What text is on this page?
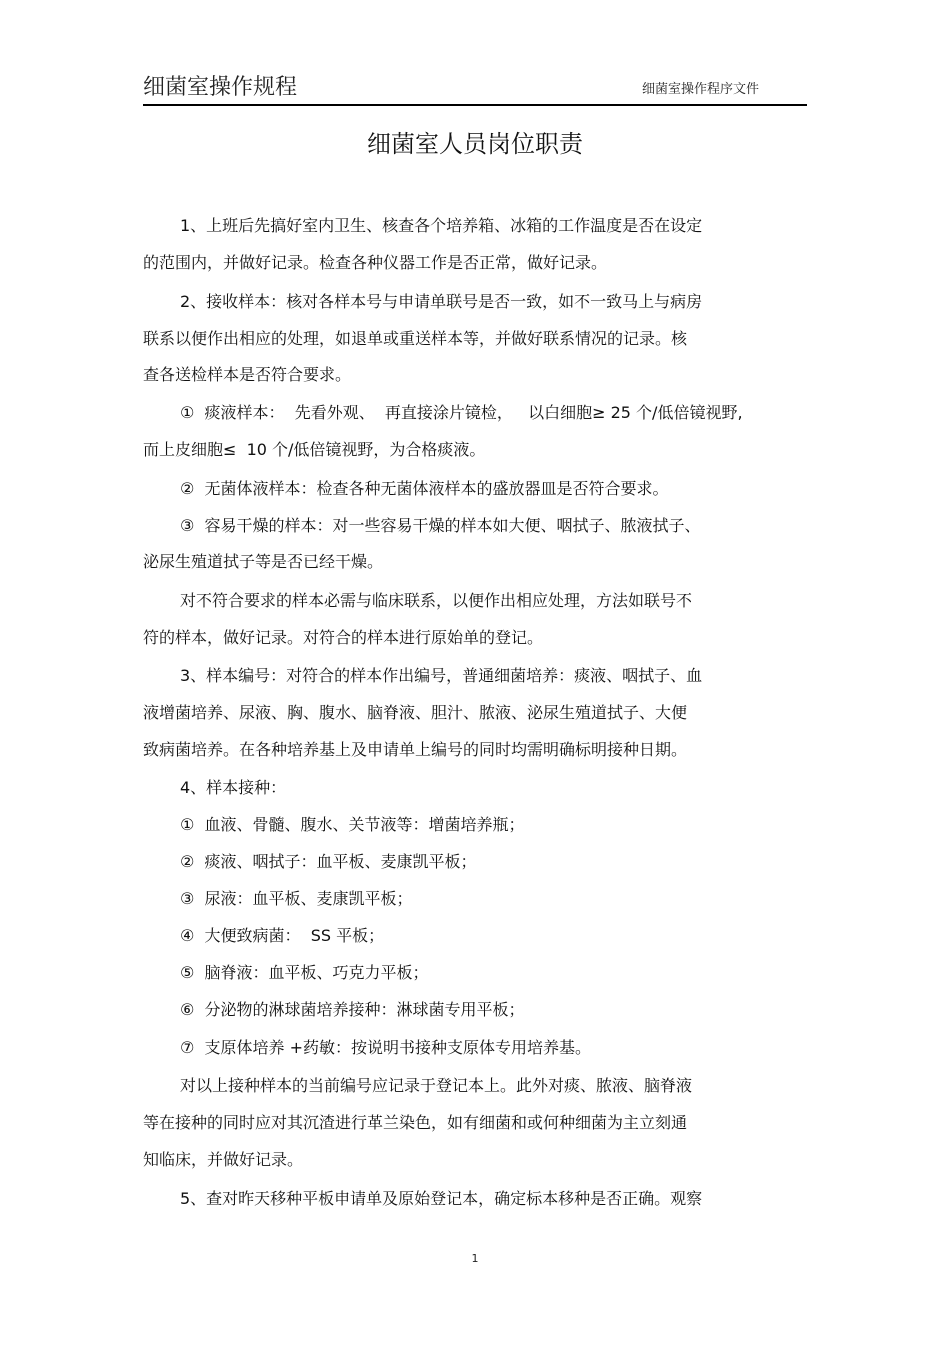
细菌室操作规程	细菌室操作程序文件
细菌室人员岗位职责
1、上班后先搞好室内卫生、核查各个培养箱、冰箱的工作温度是否在设定
的范围内，并做好记录。检查各种仪器工作是否正常，做好记录。
2、接收样本：核对各样本号与申请单联号是否一致，如不一致马上与病房
联系以便作出相应的处理，如退单或重送样本等，并做好联系情况的记录。核
查各送检样本是否符合要求。
①  痰液样本：  先看外观、  再直接涂片镜检，   以白细胞≥ 25 个/低倍镜视野,
而上皮细胞≤  10 个/低倍镜视野，为合格痰液。
②  无菌体液样本：检查各种无菌体液样本的盛放器皿是否符合要求。
③  容易干燥的样本：对一些容易干燥的样本如大便、咽拭子、脓液拭子、
泌尿生殖道拭子等是否已经干燥。
对不符合要求的样本必需与临床联系，以便作出相应处理，方法如联号不
符的样本，做好记录。对符合的样本进行原始单的登记。
3、样本编号：对符合的样本作出编号，普通细菌培养：痰液、咽拭子、血
液增菌培养、尿液、胸、腹水、脑脊液、胆汁、脓液、泌尿生殖道拭子、大便
致病菌培养。在各种培养基上及申请单上编号的同时均需明确标明接种日期。
4、样本接种：
①  血液、骨髓、腹水、关节液等：增菌培养瓶；
②  痰液、咽拭子：血平板、麦康凯平板；
③  尿液：血平板、麦康凯平板；
④  大便致病菌：  SS 平板；
⑤  脑脊液：血平板、巧克力平板；
⑥  分泌物的淋球菌培养接种：淋球菌专用平板；
⑦  支原体培养 +药敏：按说明书接种支原体专用培养基。
对以上接种样本的当前编号应记录于登记本上。此外对痰、脓液、脑脊液
等在接种的同时应对其沉渣进行革兰染色，如有细菌和或何种细菌为主立刻通
知临床，并做好记录。
5、查对昨天移种平板申请单及原始登记本，确定标本移种是否正确。观察
1
